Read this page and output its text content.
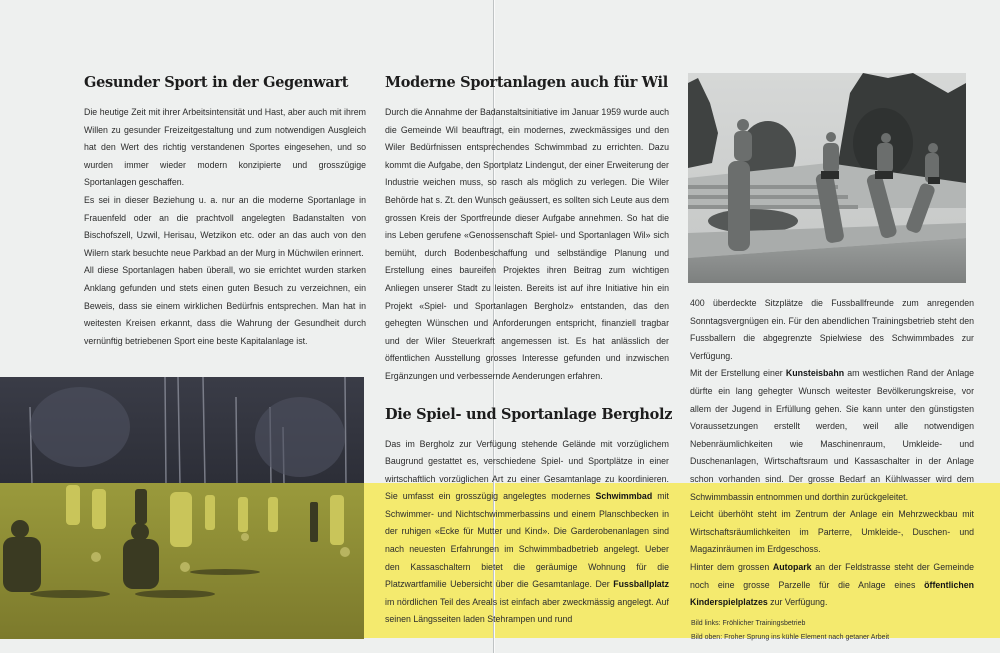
Gesunder Sport in der Gegenwart

Die heutige Zeit mit ihrer Arbeitsintensität und Hast, aber auch mit ihrem Willen zu gesunder Freizeitgestaltung und zum notwendigen Ausgleich hat den Wert des richtig verstandenen Sportes eingesehen, und so wurden immer wieder modern konzipierte und grosszügige Sportanlagen geschaffen.

Es sei in dieser Beziehung u. a. nur an die moderne Sportanlage in Frauenfeld oder an die prachtvoll angelegten Badanstalten von Bischofszell, Uzwil, Herisau, Wetzikon etc. oder an das auch von den Wilern stark besuchte neue Parkbad an der Murg in Müchwilen erinnert.

All diese Sportanlagen haben überall, wo sie errichtet wurden starken Anklang gefunden und stets einen guten Besuch zu verzeichnen, ein Beweis, dass sie einem wirklichen Bedürfnis entsprechen. Man hat in weitesten Kreisen erkannt, dass die Wahrung der Gesundheit durch vernünftig betriebenen Sport eine beste Kapitalanlage ist.

Moderne Sportanlagen auch für Wil

Durch die Annahme der Badanstaltsinitiative im Januar 1959 wurde auch die Gemeinde Wil beauftragt, ein modernes, zweckmässiges und den Wiler Bedürfnissen entsprechendes Schwimmbad zu errichten. Dazu kommt die Aufgabe, den Sportplatz Lindengut, der einer Erweiterung der Industrie weichen muss, so rasch als möglich zu verlegen. Die Wiler Behörde hat s. Zt. den Wunsch geäussert, es sollten sich Leute aus dem grossen Kreis der Sportfreunde dieser Aufgabe annehmen. So hat die ins Leben gerufene «Genossenschaft Spiel- und Sportanlagen Wil» sich bemüht, durch Bodenbeschaffung und selbständige Planung und Erstellung eines baureifen Projektes ihren Beitrag zum wichtigen Anliegen unserer Stadt zu leisten. Bereits ist auf ihre Initiative hin ein Projekt «Spiel- und Sportanlagen Bergholz» entstanden, das den gehegten Wünschen und Anforderungen entspricht, finanziell tragbar und der Wiler Steuerkraft angemessen ist. Es hat anlässlich der öffentlichen Ausstellung grosses Interesse gefunden und inzwischen Ergänzungen und verbessernde Aenderungen erfahren.

Die Spiel- und Sportanlage Bergholz

Das im Bergholz zur Verfügung stehende Gelände mit vorzüglichem Baugrund gestattet es, verschiedene Spiel- und Sportplätze in einer wirtschaftlich vorzüglichen Art zu einer Gesamtanlage zu koordinieren. Sie umfasst ein grosszügig angelegtes modernes Schwimmbad mit Schwimmer- und Nichtschwimmerbassins und einem Planschbecken in der ruhigen «Ecke für Mutter und Kind». Die Garderobenanlagen sind nach neuesten Erfahrungen im Schwimmbadbetrieb angelegt. Ueber den Kassaschaltern bietet die geräumige Wohnung für die Platzwartfamilie Uebersicht über die Gesamtanlage. Der Fussballplatz im nördlichen Teil des Areals ist einfach aber zweckmässig angelegt. Auf seinen Längsseiten laden Stehrampen und rund

400 überdeckte Sitzplätze die Fussballfreunde zum anregenden Sonntagsvergnügen ein. Für den abendlichen Trainingsbetrieb steht den Fussballern die abgegrenzte Spielwiese des Schwimmbades zur Verfügung.

Mit der Erstellung einer Kunsteisbahn am westlichen Rand der Anlage dürfte ein lang gehegter Wunsch weitester Bevölkerungskreise, vor allem der Jugend in Erfüllung gehen. Sie kann unter den günstigsten Voraussetzungen erstellt werden, weil alle notwendigen Nebenräumlichkeiten wie Maschinenraum, Umkleide- und Duschenanlagen, Wirtschaftsraum und Kassaschalter in der Anlage schon vorhanden sind. Der grosse Bedarf an Kühlwasser wird dem Schwimmbassin entnommen und dorthin zurückgeleitet.

Leicht überhöht steht im Zentrum der Anlage ein Mehrzweckbau mit Wirtschaftsräumlichkeiten im Parterre, Umkleide-, Duschen- und Magazinräumen im Erdgeschoss.

Hinter dem grossen Autopark an der Feldstrasse steht der Gemeinde noch eine grosse Parzelle für die Anlage eines öffentlichen Kinderspielplatzes zur Verfügung.

Bild links: Fröhlicher Trainingsbetrieb
Bild oben: Froher Sprung ins kühle Element nach getaner Arbeit
